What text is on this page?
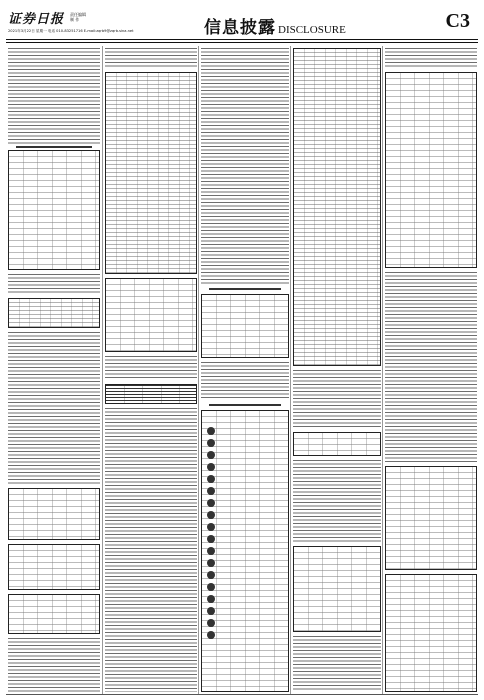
证券日报 责任编辑
制 作
2021年3月22日 星期一 电话 010-83251716 E-mail:zqrb9@zqrb.sina.net	信息披露 DISCLOSURE	C3
